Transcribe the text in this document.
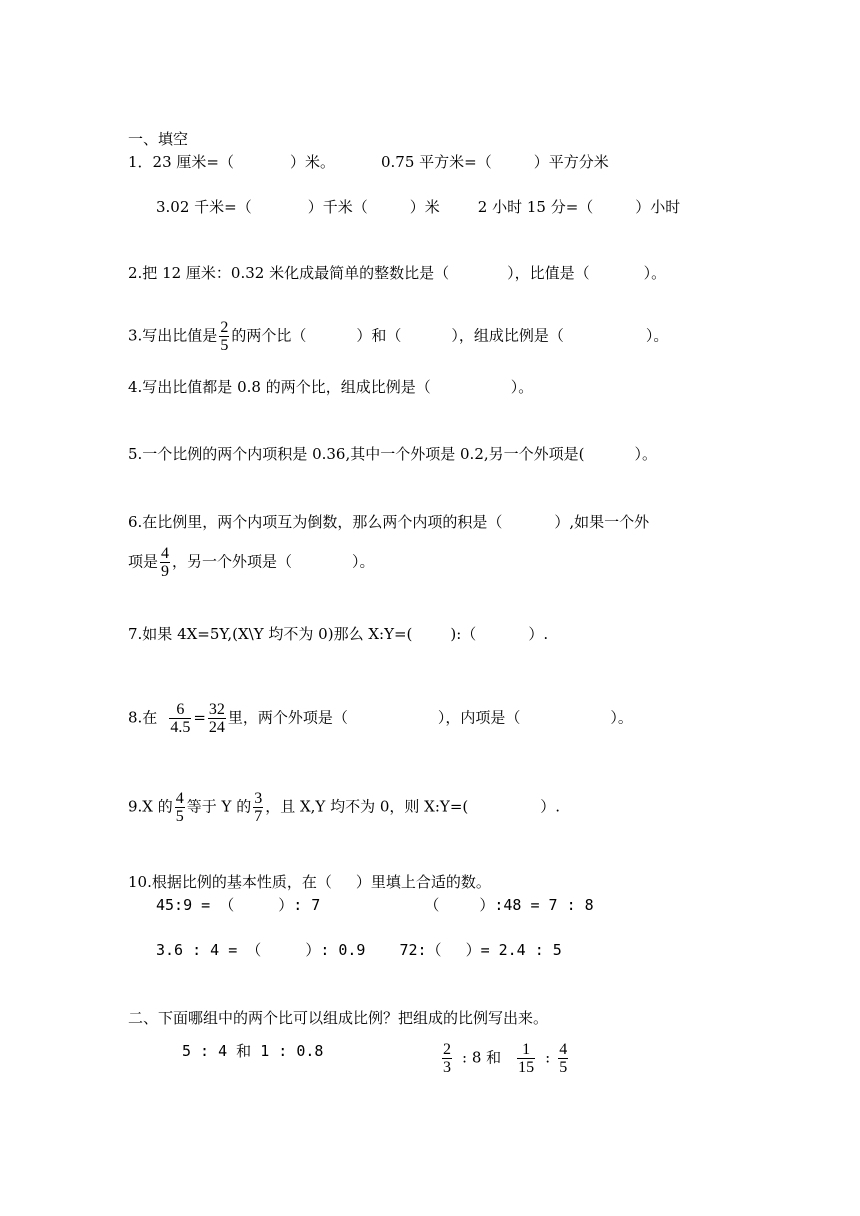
一、填空
1．23 厘米=（	）米。	0.75 平方米=（	）平方分米
3.02 千米=（	）千米（	）米	2 小时 15 分=（	）小时
2.把 12 厘米：0.32 米化成最简单的整数比是（	），比值是（	）。
3.写出比值是 $\frac{2}{5}$ 的两个比（	）和（	），组成比例是（	）。
4.写出比值都是 0.8 的两个比，组成比例是（	）。
5.一个比例的两个内项积是 0.36,其中一个外项是 0.2,另一个外项是(	）。
6.在比例里，两个内项互为倒数，那么两个内项的积是（	）,如果一个外
项是 $\frac{4}{9}$ ，另一个外项是（	）。
7.如果 4X=5Y,(X\Y 均不为 0)那么 X:Y=(	):（	）.
8.在 $\frac{6}{4.5} = \frac{32}{24}$ 里，两个外项是（	），内项是（	）。
9.X 的 $\frac{4}{5}$ 等于 Y 的 $\frac{3}{7}$ ，且 X,Y 均不为 0，则 X:Y=(	）.
10.根据比例的基本性质，在（ ）里填上合适的数。
45:9 = （	）: 7	（	）:48 = 7 : 8
3.6 : 4 = （	）: 0.9 72:（ ）= 2.4 : 5
二、下面哪组中的两个比可以组成比例？把组成的比例写出来。
5 : 4 和 1 : 0.8	$\frac{2}{3}$ : 8 和 $\frac{1}{15}$ : $\frac{4}{5}$
